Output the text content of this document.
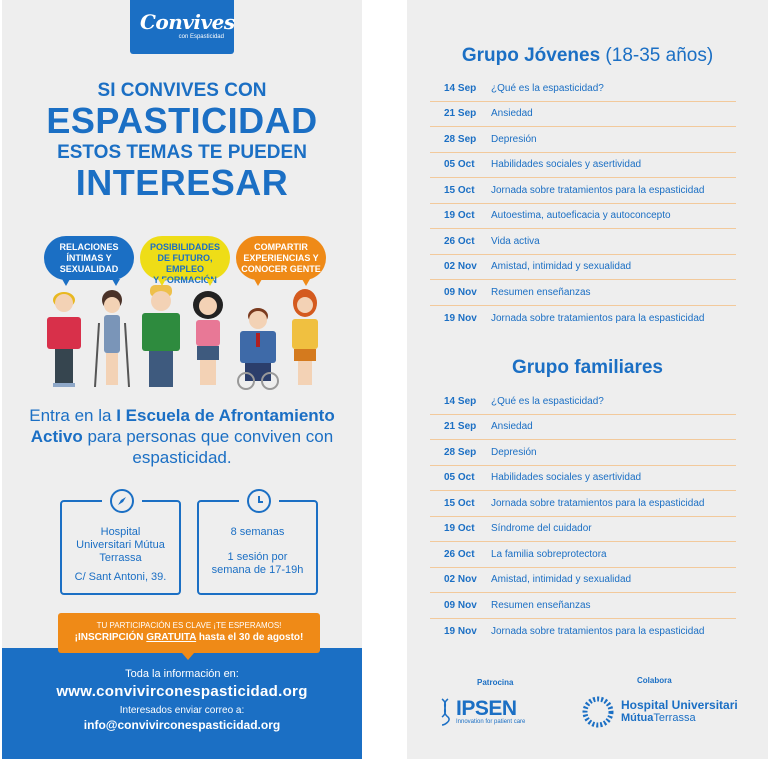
Convives
con Espasticidad
SI CONVIVES CON
ESPASTICIDAD
ESTOS TEMAS TE PUEDEN
INTERESAR
RELACIONES
ÍNTIMAS Y
SEXUALIDAD
POSIBILIDADES
DE FUTURO, EMPLEO
Y FORMACIÓN
COMPARTIR
EXPERIENCIAS Y
CONOCER GENTE
Entra en la I Escuela de Afrontamiento Activo para personas que conviven con espasticidad.
Hospital
Universitari Mútua
Terrassa
C/ Sant Antoni, 39.
8 semanas
1 sesión por
semana de 17-19h
Toda la información en:
www.convivirconespasticidad.org
Interesados enviar correo a:
info@convivirconespasticidad.org
TU PARTICIPACIÓN ES CLAVE ¡TE ESPERAMOS!
¡INSCRIPCIÓN GRATUITA hasta el 30 de agosto!
Grupo Jóvenes (18-35 años)
Grupo familiares
14 Sep	¿Qué es la espasticidad?
21 Sep	Ansiedad
28 Sep	Depresión
05 Oct	Habilidades sociales y asertividad
15 Oct	Jornada sobre tratamientos para la espasticidad
19 Oct	Autoestima, autoeficacia y autoconcepto
26 Oct	Vida activa
02 Nov	Amistad, intimidad y sexualidad
09 Nov	Resumen enseñanzas
19 Nov	Jornada sobre tratamientos para la espasticidad
14 Sep	¿Qué es la espasticidad?
21 Sep	Ansiedad
28 Sep	Depresión
05 Oct	Habilidades sociales y asertividad
15 Oct	Jornada sobre tratamientos para la espasticidad
19 Oct	Síndrome del cuidador
26 Oct	La familia sobreprotectora
02 Nov	Amistad, intimidad y sexualidad
09 Nov	Resumen enseñanzas
19 Nov	Jornada sobre tratamientos para la espasticidad
Patrocina
IPSEN
Innovation for patient care
Colabora
Hospital Universitari
MútuaTerrassa
